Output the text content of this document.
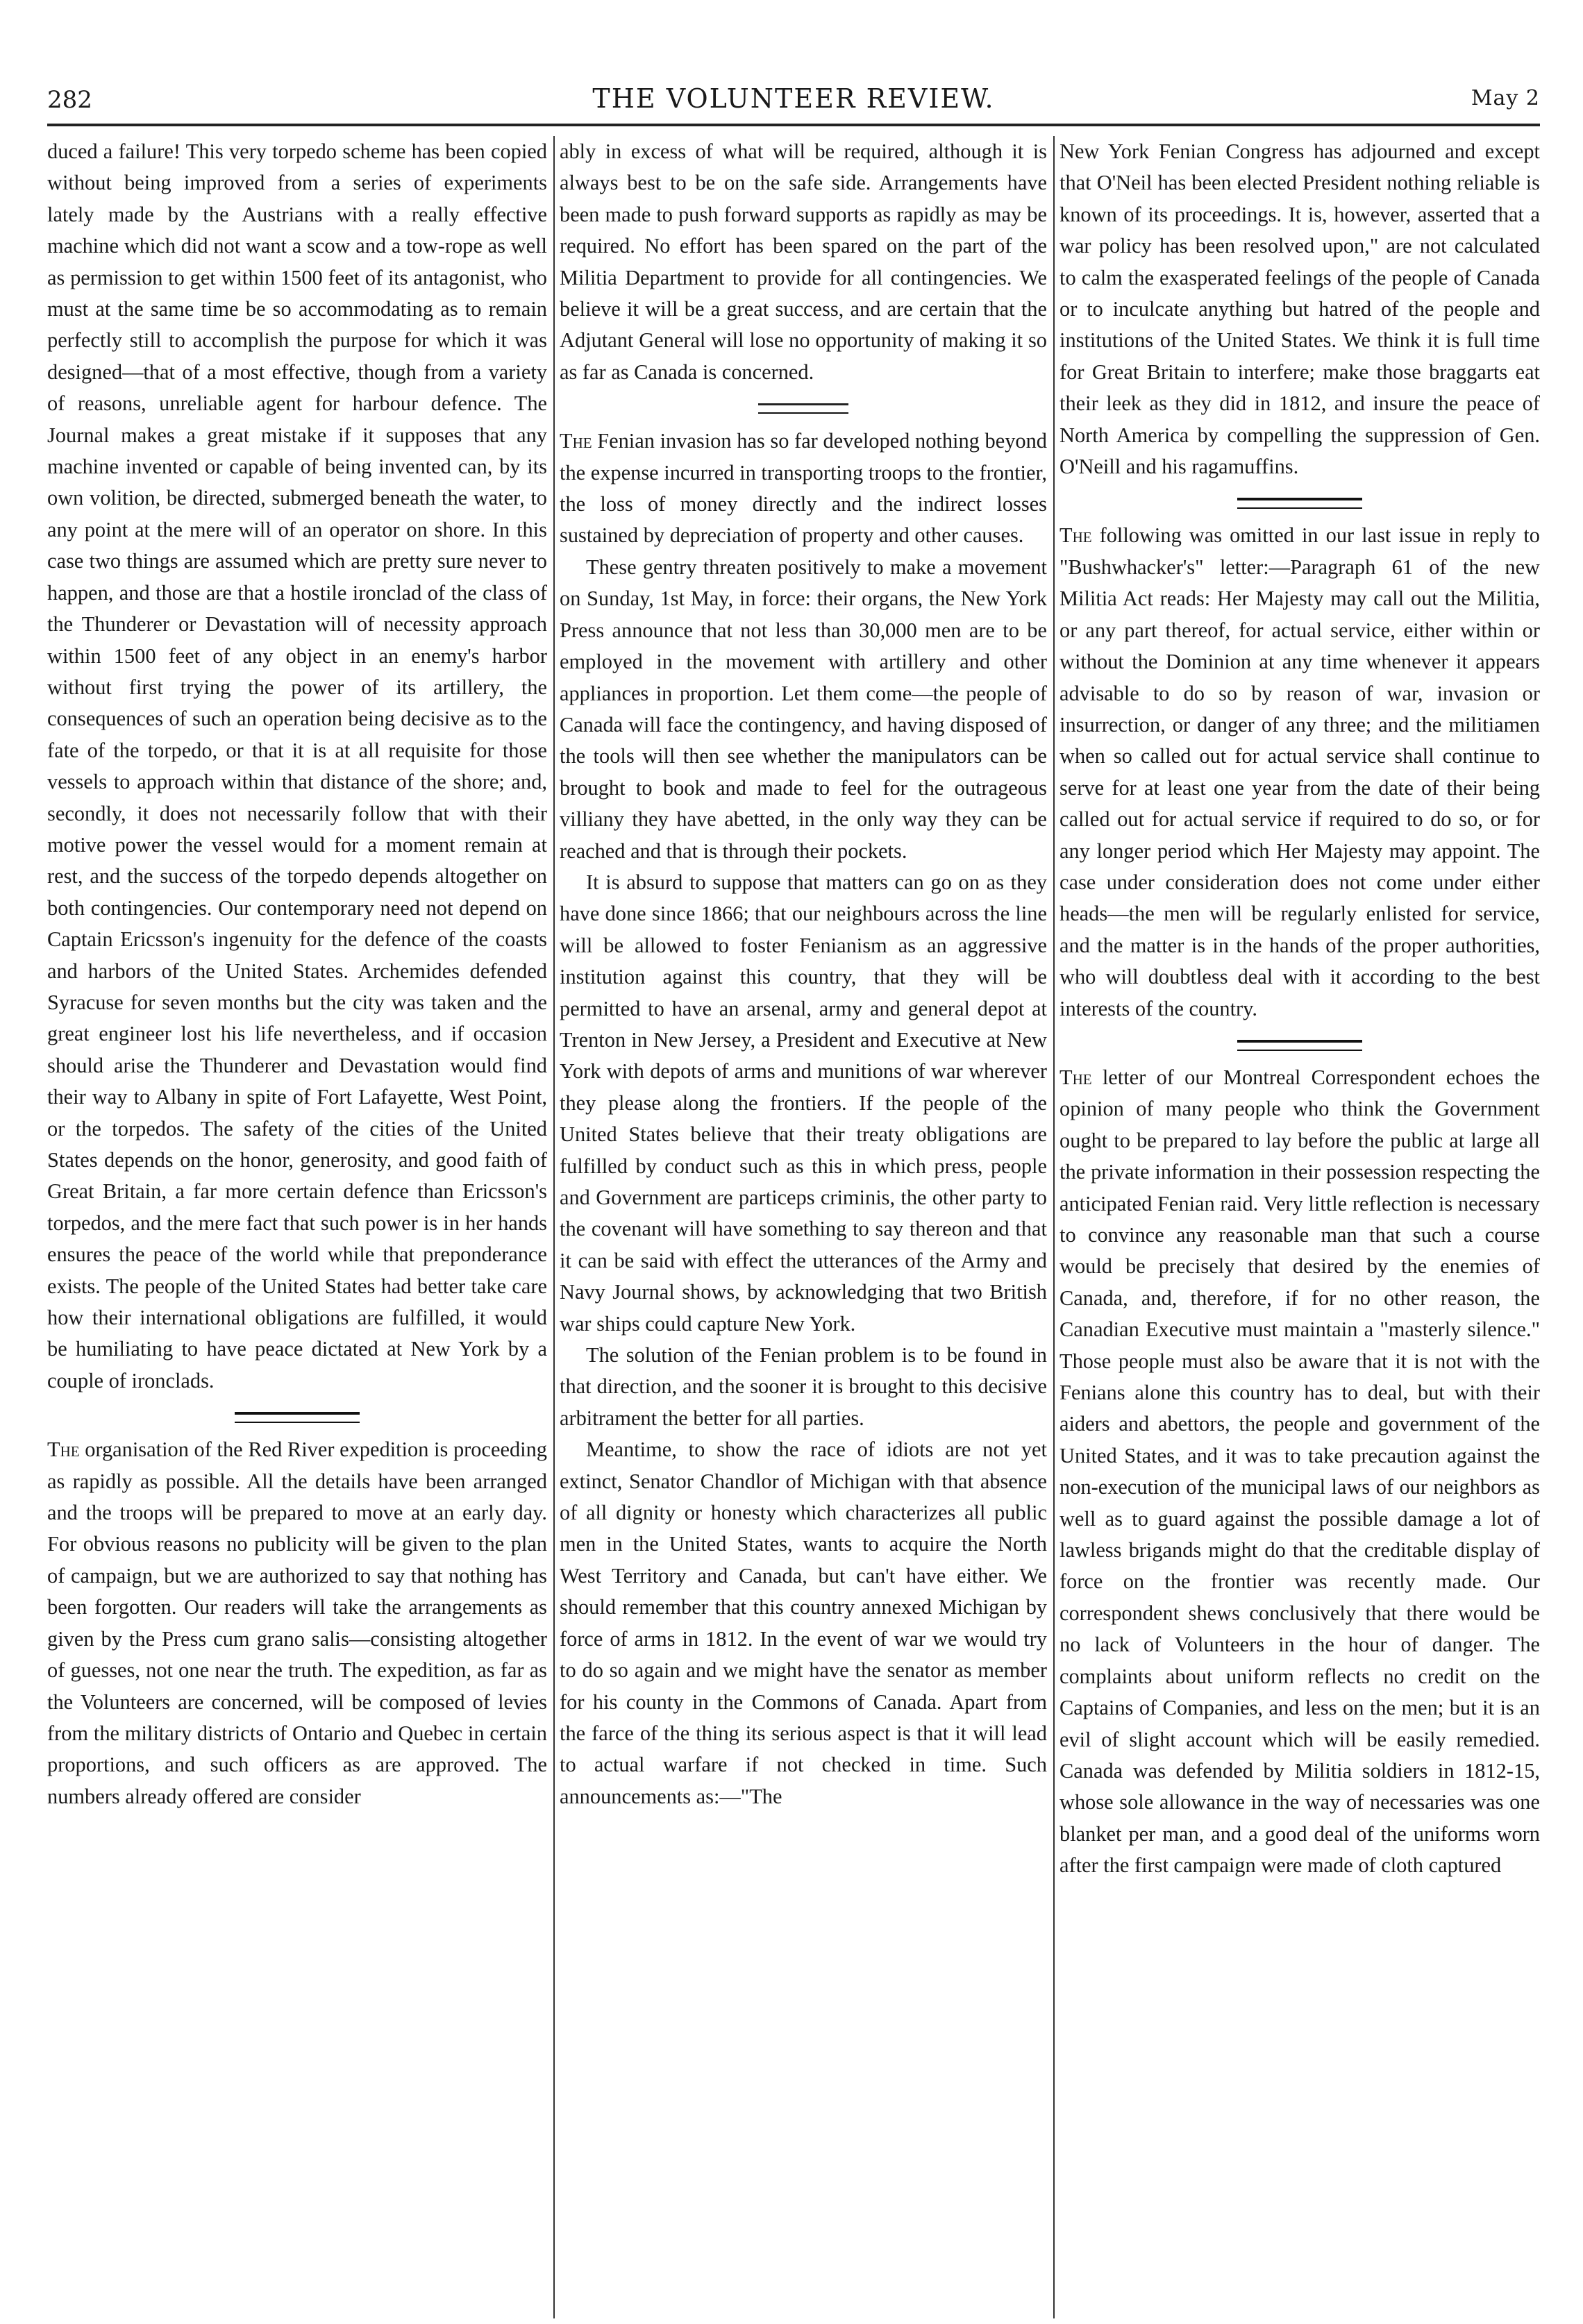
282	THE VOLUNTEER REVIEW.	May 2

duced a failure! This very torpedo scheme has been copied without being improved from a series of experiments lately made by the Austrians with a really effective machine which did not want a scow and a tow-rope as well as permission to get within 1500 feet of its antagonist, who must at the same time be so accommodating as to remain perfectly still to accomplish the purpose for which it was designed—that of a most effective, though from a variety of reasons, unreliable agent for harbour defence. The Journal makes a great mistake if it supposes that any machine invented or capable of being invented can, by its own volition, be directed, submerged beneath the water, to any point at the mere will of an operator on shore. In this case two things are assumed which are pretty sure never to happen, and those are that a hostile ironclad of the class of the Thunderer or Devastation will of necessity approach within 1500 feet of any object in an enemy's harbor without first trying the power of its artillery, the consequences of such an operation being decisive as to the fate of the torpedo, or that it is at all requisite for those vessels to approach within that distance of the shore; and, secondly, it does not necessarily follow that with their motive power the vessel would for a moment remain at rest, and the success of the torpedo depends altogether on both contingencies. Our contemporary need not depend on Captain Ericsson's ingenuity for the defence of the coasts and harbors of the United States. Archemides defended Syracuse for seven months but the city was taken and the great engineer lost his life nevertheless, and if occasion should arise the Thunderer and Devastation would find their way to Albany in spite of Fort Lafayette, West Point, or the torpedos. The safety of the cities of the United States depends on the honor, generosity, and good faith of Great Britain, a far more certain defence than Ericsson's torpedos, and the mere fact that such power is in her hands ensures the peace of the world while that preponderance exists. The people of the United States had better take care how their international obligations are fulfilled, it would be humiliating to have peace dictated at New York by a couple of ironclads.

The organisation of the Red River expedition is proceeding as rapidly as possible. All the details have been arranged and the troops will be prepared to move at an early day. For obvious reasons no publicity will be given to the plan of campaign, but we are authorized to say that nothing has been forgotten. Our readers will take the arrangements as given by the Press cum grano salis—consisting altogether of guesses, not one near the truth. The expedition, as far as the Volunteers are concerned, will be composed of levies from the military districts of Ontario and Quebec in certain proportions, and such officers as are approved. The numbers already offered are consider

ably in excess of what will be required, although it is always best to be on the safe side. Arrangements have been made to push forward supports as rapidly as may be required. No effort has been spared on the part of the Militia Department to provide for all contingencies. We believe it will be a great success, and are certain that the Adjutant General will lose no opportunity of making it so as far as Canada is concerned.

The Fenian invasion has so far developed nothing beyond the expense incurred in transporting troops to the frontier, the loss of money directly and the indirect losses sustained by depreciation of property and other causes.

These gentry threaten positively to make a movement on Sunday, 1st May, in force: their organs, the New York Press announce that not less than 30,000 men are to be employed in the movement with artillery and other appliances in proportion. Let them come—the people of Canada will face the contingency, and having disposed of the tools will then see whether the manipulators can be brought to book and made to feel for the outrageous villiany they have abetted, in the only way they can be reached and that is through their pockets.

It is absurd to suppose that matters can go on as they have done since 1866; that our neighbours across the line will be allowed to foster Fenianism as an aggressive institution against this country, that they will be permitted to have an arsenal, army and general depot at Trenton in New Jersey, a President and Executive at New York with depots of arms and munitions of war wherever they please along the frontiers. If the people of the United States believe that their treaty obligations are fulfilled by conduct such as this in which press, people and Government are particeps criminis, the other party to the covenant will have something to say thereon and that it can be said with effect the utterances of the Army and Navy Journal shows, by acknowledging that two British war ships could capture New York.

The solution of the Fenian problem is to be found in that direction, and the sooner it is brought to this decisive arbitrament the better for all parties.

Meantime, to show the race of idiots are not yet extinct, Senator Chandlor of Michigan with that absence of all dignity or honesty which characterizes all public men in the United States, wants to acquire the North West Territory and Canada, but can't have either. We should remember that this country annexed Michigan by force of arms in 1812. In the event of war we would try to do so again and we might have the senator as member for his county in the Commons of Canada. Apart from the farce of the thing its serious aspect is that it will lead to actual warfare if not checked in time. Such announcements as:—"The

New York Fenian Congress has adjourned and except that O'Neil has been elected President nothing reliable is known of its proceedings. It is, however, asserted that a war policy has been resolved upon," are not calculated to calm the exasperated feelings of the people of Canada or to inculcate anything but hatred of the people and institutions of the United States. We think it is full time for Great Britain to interfere; make those braggarts eat their leek as they did in 1812, and insure the peace of North America by compelling the suppression of Gen. O'Neill and his ragamuffins.

The following was omitted in our last issue in reply to "Bushwhacker's" letter:—Paragraph 61 of the new Militia Act reads: Her Majesty may call out the Militia, or any part thereof, for actual service, either within or without the Dominion at any time whenever it appears advisable to do so by reason of war, invasion or insurrection, or danger of any three; and the militiamen when so called out for actual service shall continue to serve for at least one year from the date of their being called out for actual service if required to do so, or for any longer period which Her Majesty may appoint. The case under consideration does not come under either heads—the men will be regularly enlisted for service, and the matter is in the hands of the proper authorities, who will doubtless deal with it according to the best interests of the country.

The letter of our Montreal Correspondent echoes the opinion of many people who think the Government ought to be prepared to lay before the public at large all the private information in their possession respecting the anticipated Fenian raid. Very little reflection is necessary to convince any reasonable man that such a course would be precisely that desired by the enemies of Canada, and, therefore, if for no other reason, the Canadian Executive must maintain a "masterly silence." Those people must also be aware that it is not with the Fenians alone this country has to deal, but with their aiders and abettors, the people and government of the United States, and it was to take precaution against the non-execution of the municipal laws of our neighbors as well as to guard against the possible damage a lot of lawless brigands might do that the creditable display of force on the frontier was recently made. Our correspondent shews conclusively that there would be no lack of Volunteers in the hour of danger. The complaints about uniform reflects no credit on the Captains of Companies, and less on the men; but it is an evil of slight account which will be easily remedied. Canada was defended by Militia soldiers in 1812-15, whose sole allowance in the way of necessaries was one blanket per man, and a good deal of the uniforms worn after the first campaign were made of cloth captured
